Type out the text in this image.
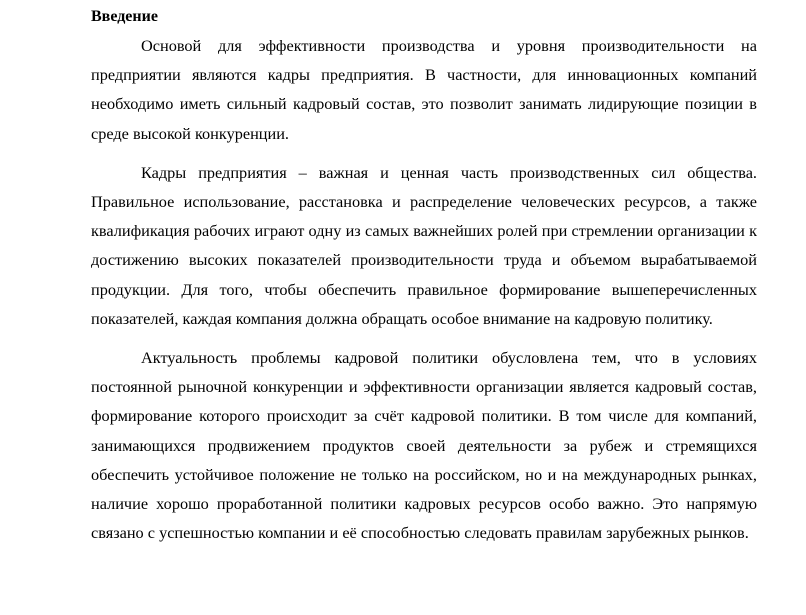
Введение

Основой для эффективности производства и уровня производительности на предприятии являются кадры предприятия. В частности, для инновационных компаний необходимо иметь сильный кадровый состав, это позволит занимать лидирующие позиции в среде высокой конкуренции.

Кадры предприятия – важная и ценная часть производственных сил общества. Правильное использование, расстановка и распределение человеческих ресурсов, а также квалификация рабочих играют одну из самых важнейших ролей при стремлении организации к достижению высоких показателей производительности труда и объемом вырабатываемой продукции. Для того, чтобы обеспечить правильное формирование вышеперечисленных показателей, каждая компания должна обращать особое внимание на кадровую политику.

Актуальность проблемы кадровой политики обусловлена тем, что в условиях постоянной рыночной конкуренции и эффективности организации является кадровый состав, формирование которого происходит за счёт кадровой политики. В том числе для компаний, занимающихся продвижением продуктов своей деятельности за рубеж и стремящихся обеспечить устойчивое положение не только на российском, но и на международных рынках, наличие хорошо проработанной политики кадровых ресурсов особо важно. Это напрямую связано с успешностью компании и её способностью следовать правилам зарубежных рынков.
